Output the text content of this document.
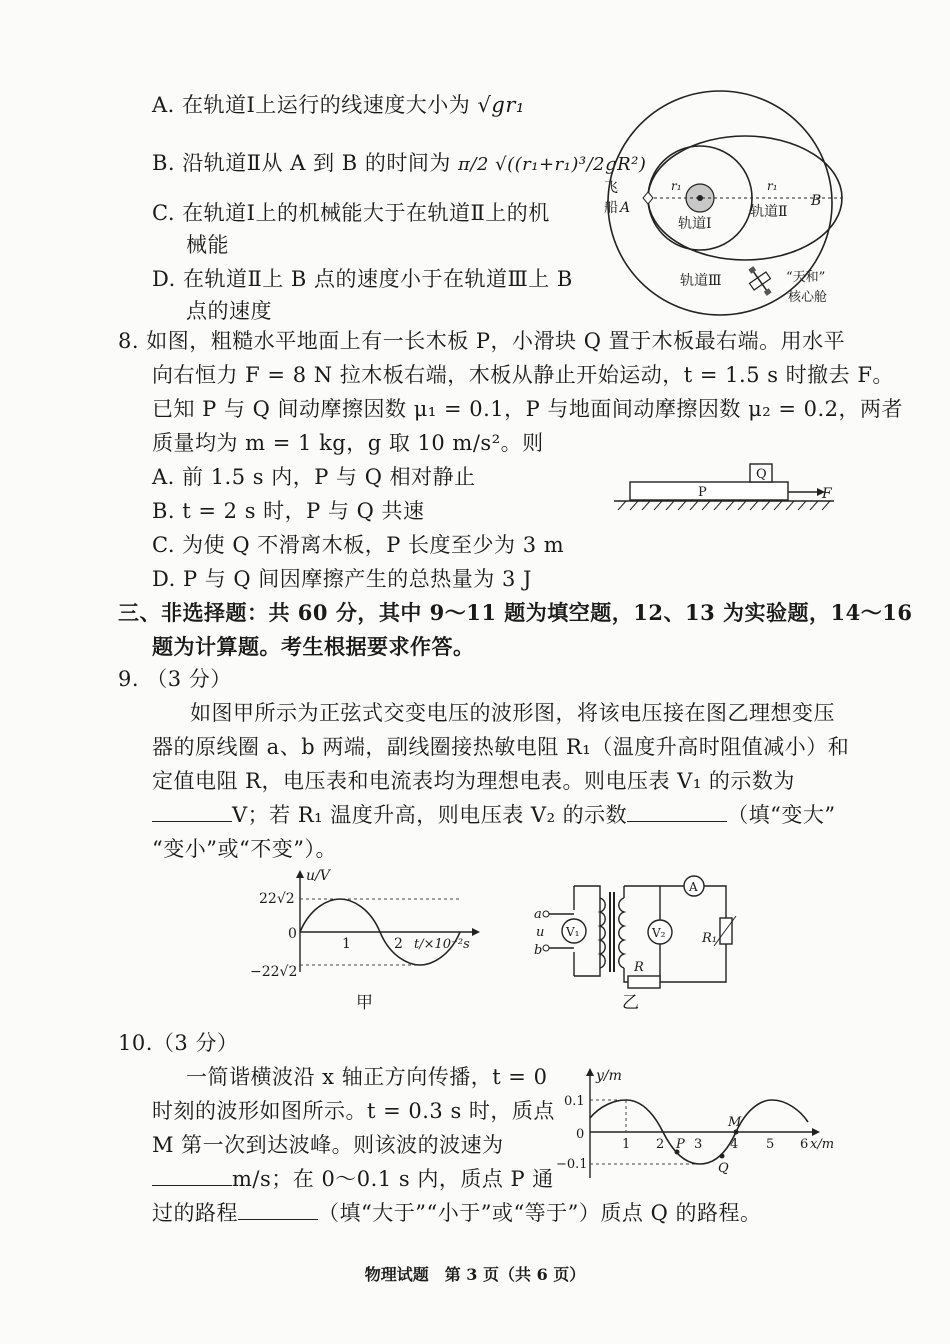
A. 在轨道Ⅰ上运行的线速度大小为 √gr₁
B. 沿轨道Ⅱ从 A 到 B 的时间为 π/2 √((r₁+r₁)³/2gR²)
C. 在轨道Ⅰ上的机械能大于在轨道Ⅱ上的机
械能
D. 在轨道Ⅱ上 B 点的速度小于在轨道Ⅲ上 B
点的速度
飞
船 A	B
r₁	r₁
轨道Ⅰ
轨道Ⅱ
轨道Ⅲ	“天和”
核心舱
8. 如图，粗糙水平地面上有一长木板 P，小滑块 Q 置于木板最右端。用水平
向右恒力 F = 8 N 拉木板右端，木板从静止开始运动，t = 1.5 s 时撤去 F。
已知 P 与 Q 间动摩擦因数 μ₁ = 0.1，P 与地面间动摩擦因数 μ₂ = 0.2，两者
质量均为 m = 1 kg，g 取 10 m/s²。则
A. 前 1.5 s 内，P 与 Q 相对静止
B. t = 2 s 时，P 与 Q 共速
C. 为使 Q 不滑离木板，P 长度至少为 3 m
D. P 与 Q 间因摩擦产生的总热量为 3 J
P
Q
F
三、非选择题：共 60 分，其中 9～11 题为填空题，12、13 为实验题，14～16
题为计算题。考生根据要求作答。
9. （3 分）
如图甲所示为正弦式交变电压的波形图，将该电压接在图乙理想变压
器的原线圈 a、b 两端，副线圈接热敏电阻 R₁（温度升高时阻值减小）和
定值电阻 R，电压表和电流表均为理想电表。则电压表 V₁ 的示数为
V；若 R₁ 温度升高，则电压表 V₂ 的示数	（填“变大”
“变小”或“不变”）。
u/V
22√2
0
−22√2
1	2 t/×10⁻²s
甲
V₁
a
u
b
A
V₂
R
R₁
乙
10.（3 分）
一简谐横波沿 x 轴正方向传播，t = 0
时刻的波形如图所示。t = 0.3 s 时，质点
M 第一次到达波峰。则该波的波速为
m/s；在 0～0.1 s 内，质点 P 通
过的路程	（填“大于”“小于”或“等于”）质点 Q 的路程。
y/m
0.1
0
−0.1
1 2 3 4 5 6 x/m
P
Q
M
物理试题　第 3 页（共 6 页）
